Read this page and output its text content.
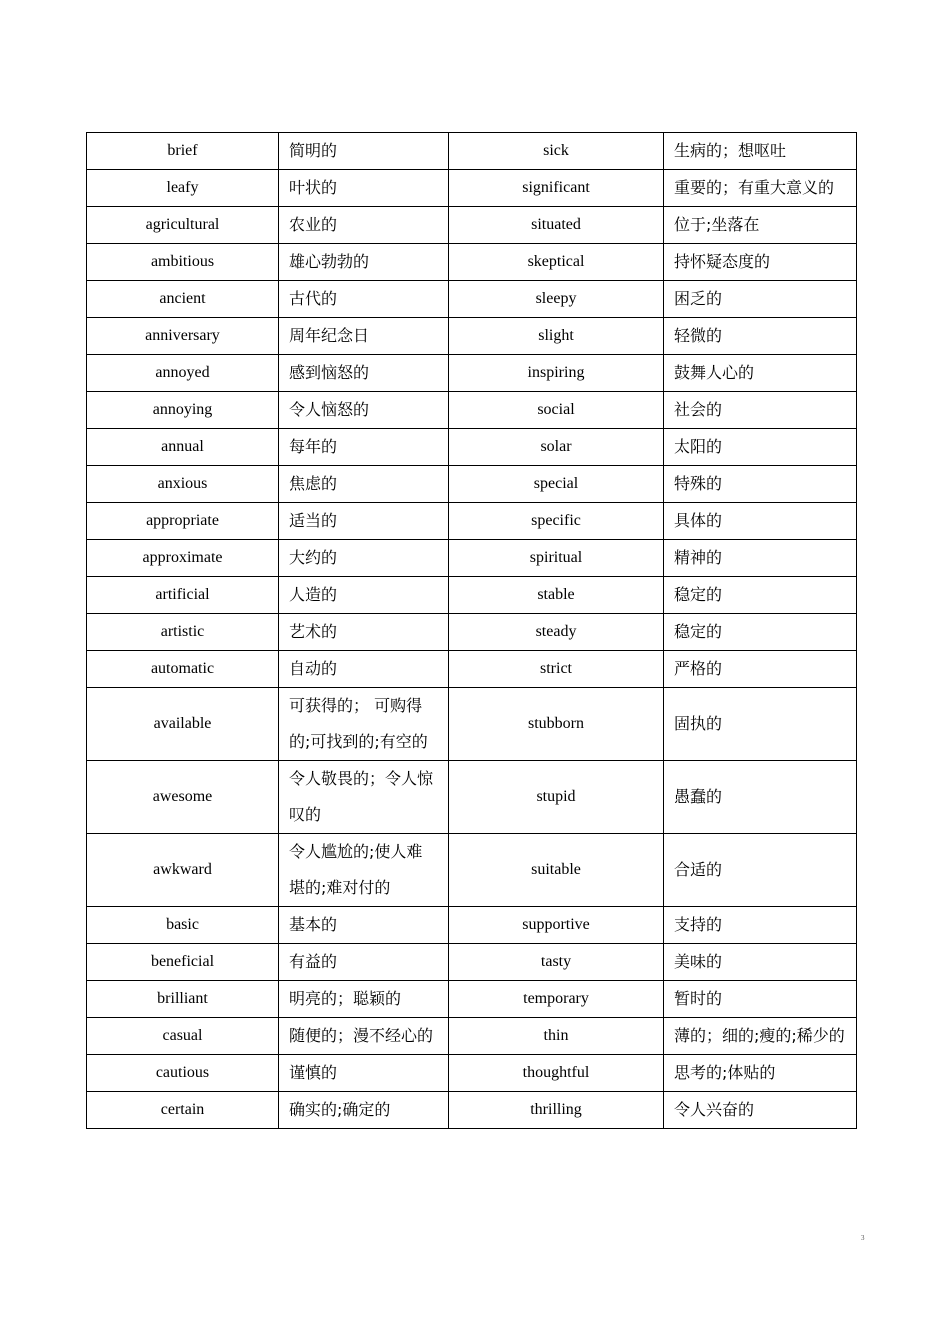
brief	简明的	sick	生病的；想呕吐
leafy	叶状的	significant	重要的；有重大意义的
agricultural	农业的	situated	位于;坐落在
ambitious	雄心勃勃的	skeptical	持怀疑态度的
ancient	古代的	sleepy	困乏的
anniversary	周年纪念日	slight	轻微的
annoyed	感到恼怒的	inspiring	鼓舞人心的
annoying	令人恼怒的	social	社会的
annual	每年的	solar	太阳的
anxious	焦虑的	special	特殊的
appropriate	适当的	specific	具体的
approximate	大约的	spiritual	精神的
artificial	人造的	stable	稳定的
artistic	艺术的	steady	稳定的
automatic	自动的	strict	严格的
available	可获得的； 可购得的;可找到的;有空的	stubborn	固执的
awesome	令人敬畏的；令人惊叹的	stupid	愚蠢的
awkward	令人尴尬的;使人难堪的;难对付的	suitable	合适的
basic	基本的	supportive	支持的
beneficial	有益的	tasty	美味的
brilliant	明亮的；聪颖的	temporary	暂时的
casual	随便的；漫不经心的	thin	薄的；细的;瘦的;稀少的
cautious	谨慎的	thoughtful	思考的;体贴的
certain	确实的;确定的	thrilling	令人兴奋的
3
